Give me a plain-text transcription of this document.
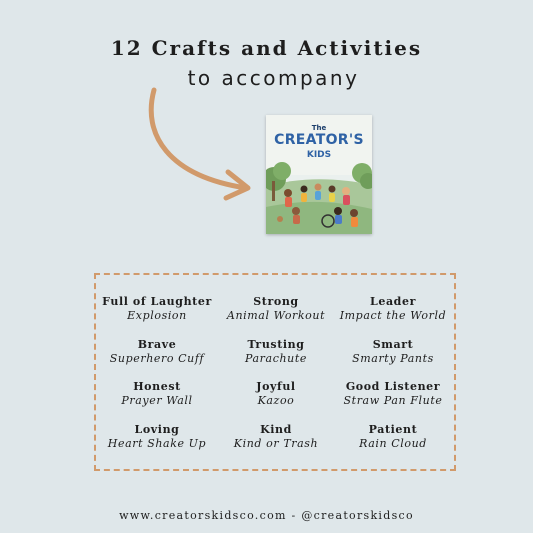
12 Crafts and Activities
to accompany
The
CREATOR'S
KIDS
Full of Laughter
Explosion
Strong
Animal Workout
Leader
Impact the World
Brave
Superhero Cuff
Trusting
Parachute
Smart
Smarty Pants
Honest
Prayer Wall
Joyful
Kazoo
Good Listener
Straw Pan Flute
Loving
Heart Shake Up
Kind
Kind or Trash
Patient
Rain Cloud
www.creatorskidsco.com - @creatorskidsco
